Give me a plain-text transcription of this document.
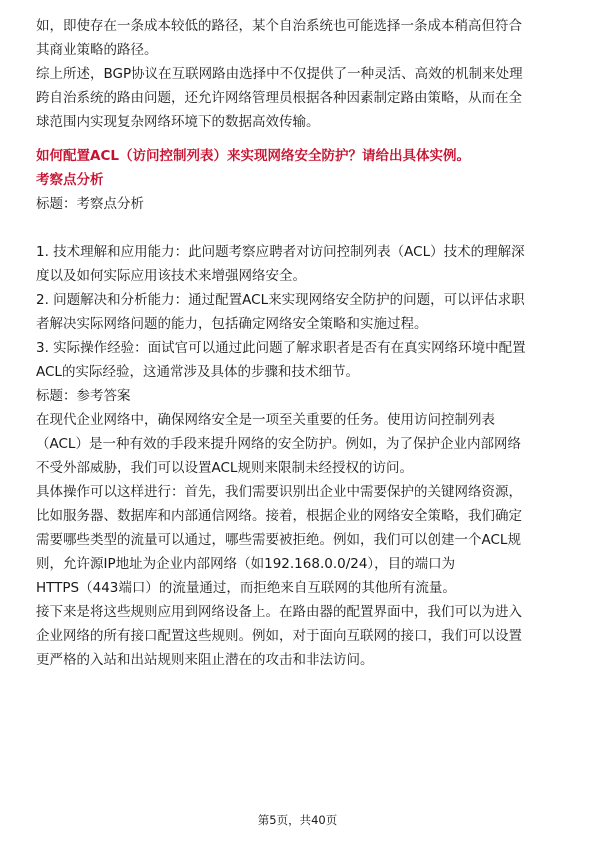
如，即使存在一条成本较低的路径，某个自治系统也可能选择一条成本稍高但符合

其商业策略的路径。

综上所述，BGP协议在互联网路由选择中不仅提供了一种灵活、高效的机制来处理

跨自治系统的路由问题，还允许网络管理员根据各种因素制定路由策略，从而在全

球范围内实现复杂网络环境下的数据高效传输。

如何配置ACL（访问控制列表）来实现网络安全防护？请给出具体实例。

考察点分析

标题：考察点分析

1. 技术理解和应用能力：此问题考察应聘者对访问控制列表（ACL）技术的理解深

度以及如何实际应用该技术来增强网络安全。

2. 问题解决和分析能力：通过配置ACL来实现网络安全防护的问题，可以评估求职

者解决实际网络问题的能力，包括确定网络安全策略和实施过程。

3. 实际操作经验：面试官可以通过此问题了解求职者是否有在真实网络环境中配置

ACL的实际经验，这通常涉及具体的步骤和技术细节。

标题：参考答案

在现代企业网络中，确保网络安全是一项至关重要的任务。使用访问控制列表

（ACL）是一种有效的手段来提升网络的安全防护。例如，为了保护企业内部网络

不受外部威胁，我们可以设置ACL规则来限制未经授权的访问。

具体操作可以这样进行：首先，我们需要识别出企业中需要保护的关键网络资源，

比如服务器、数据库和内部通信网络。接着，根据企业的网络安全策略，我们确定

需要哪些类型的流量可以通过，哪些需要被拒绝。例如，我们可以创建一个ACL规

则，允许源IP地址为企业内部网络（如192.168.0.0/24），目的端口为

HTTPS（443端口）的流量通过，而拒绝来自互联网的其他所有流量。

接下来是将这些规则应用到网络设备上。在路由器的配置界面中，我们可以为进入

企业网络的所有接口配置这些规则。例如，对于面向互联网的接口，我们可以设置

更严格的入站和出站规则来阻止潜在的攻击和非法访问。

第5页，共40页
